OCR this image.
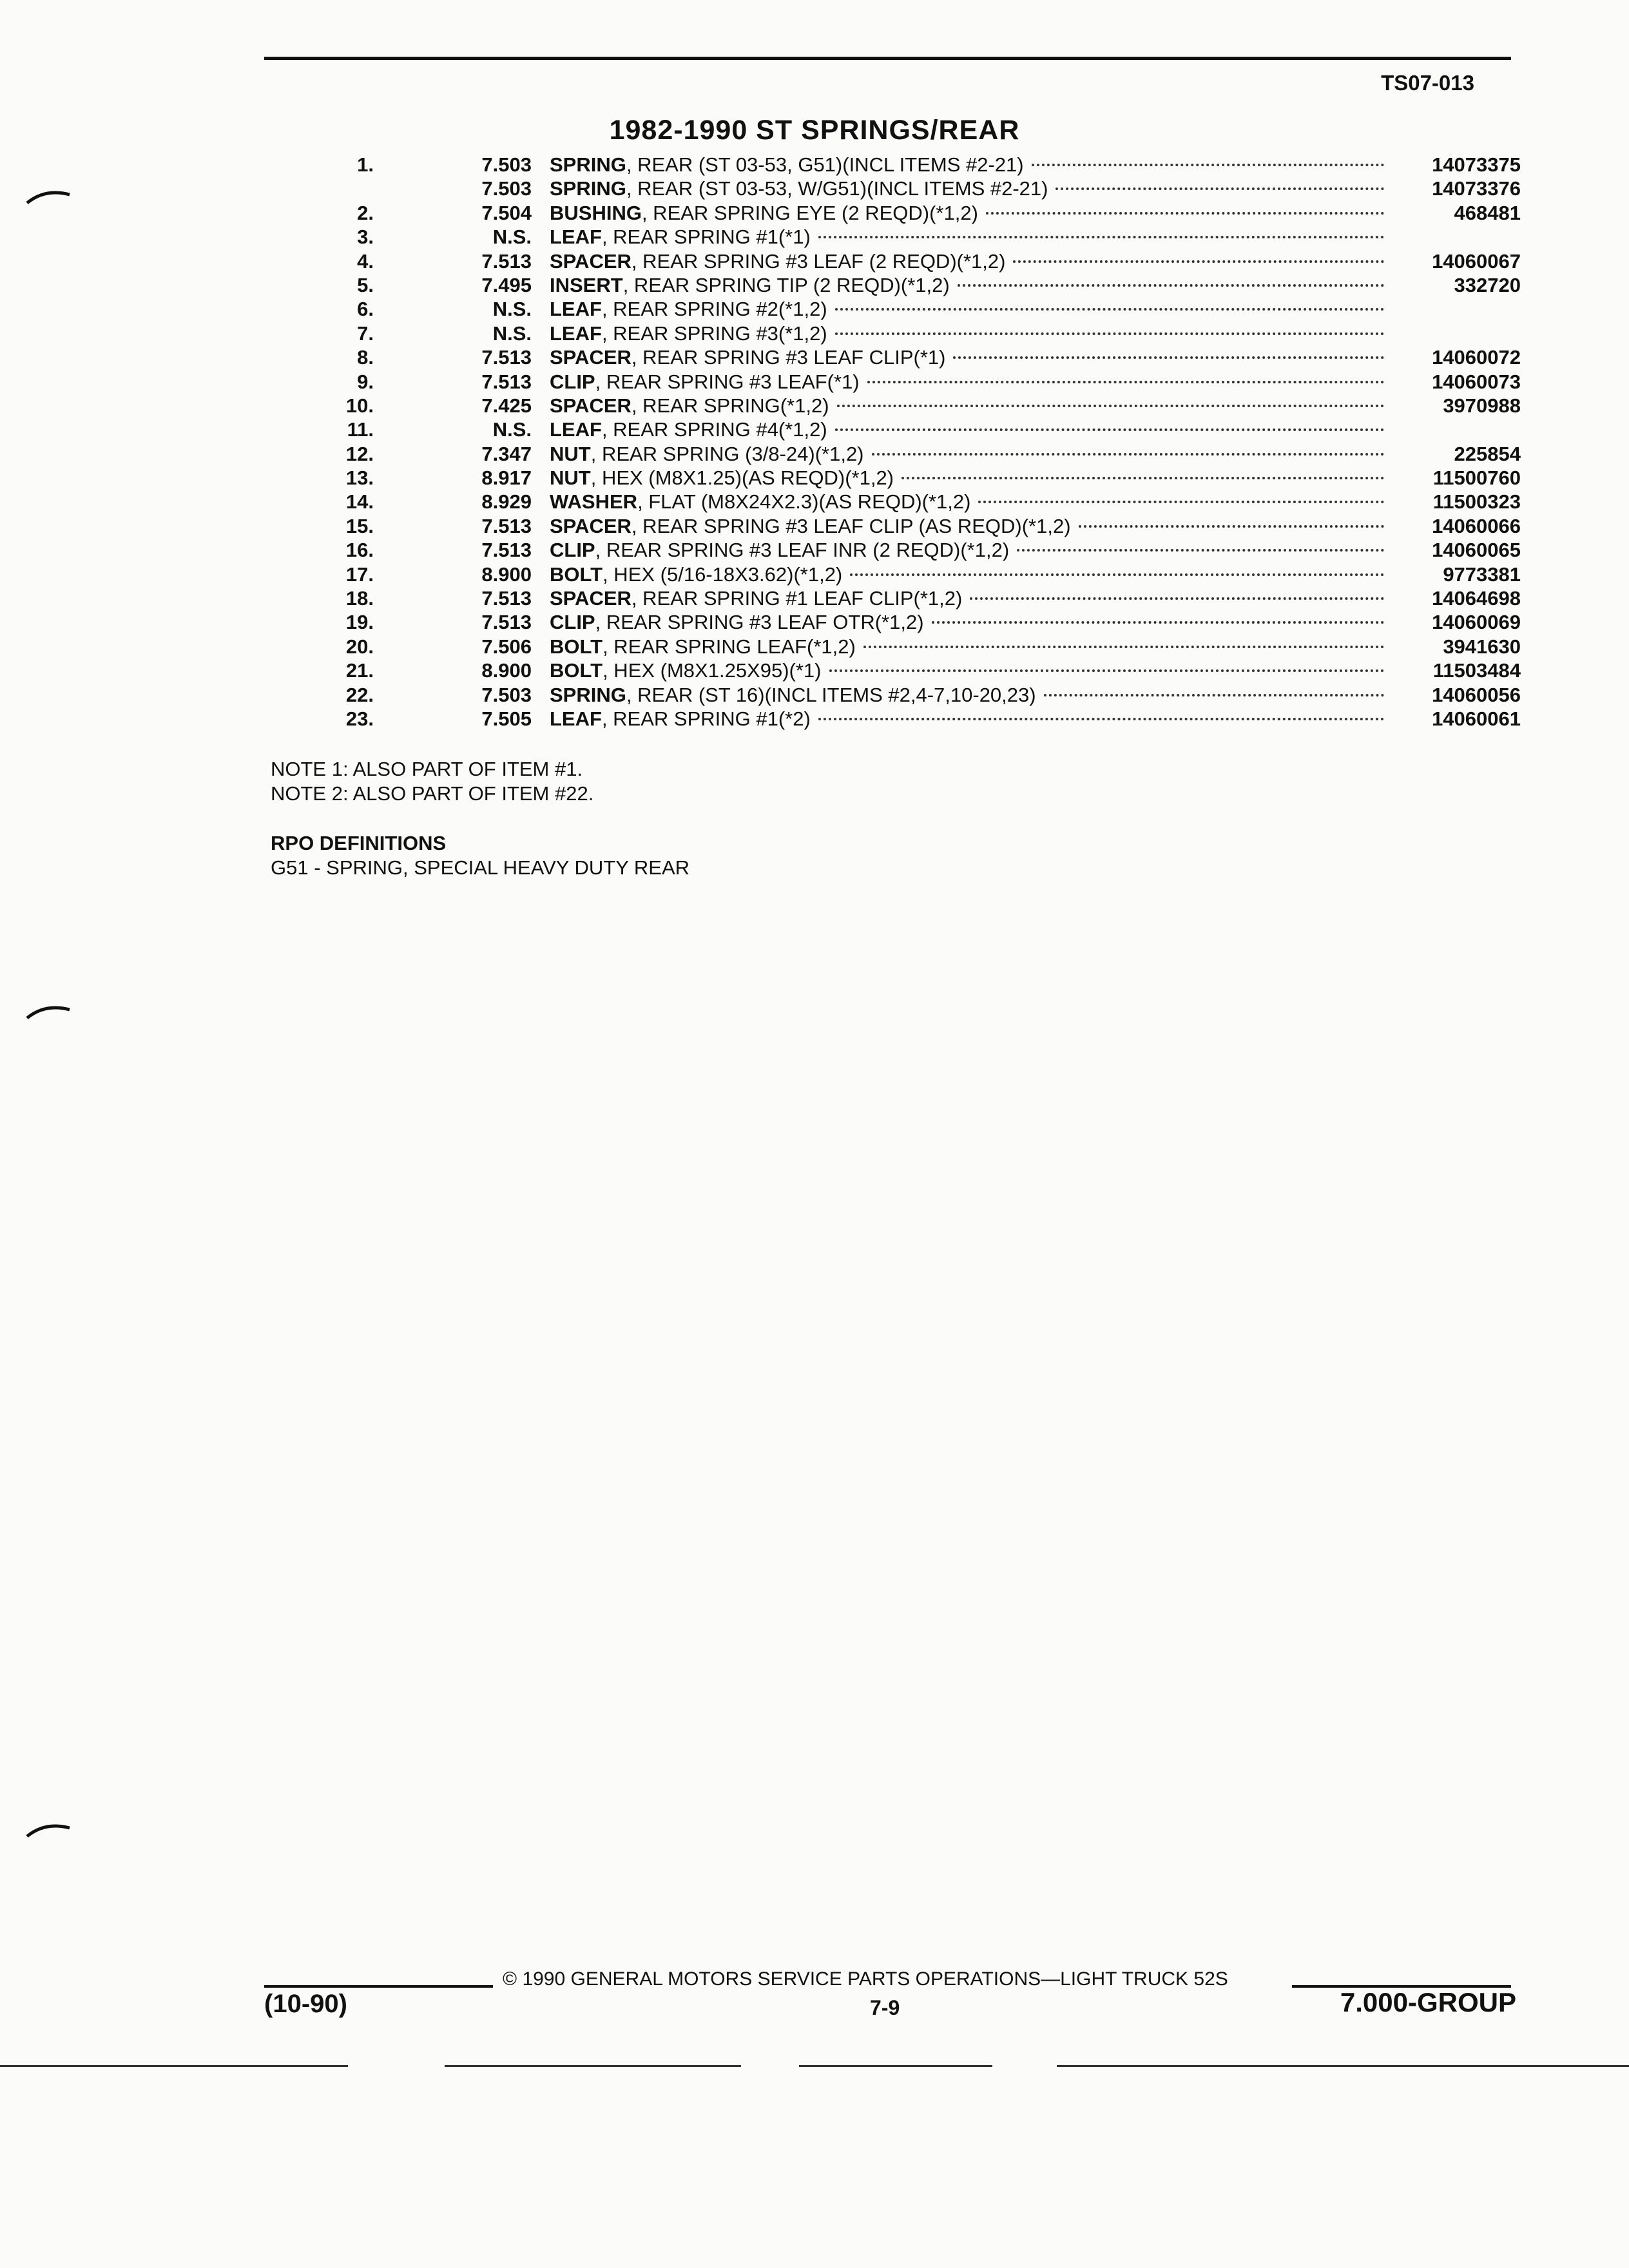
TS07-013
1982-1990 ST SPRINGS/REAR
1.	7.503 SPRING , REAR (ST 03-53, G51)(INCL ITEMS #2-21)	14073375
7.503 SPRING , REAR (ST 03-53, W/G51)(INCL ITEMS #2-21)	14073376
2.	7.504 BUSHING , REAR SPRING EYE (2 REQD)(*1,2)	468481
3.	N.S. LEAF , REAR SPRING #1(*1)
4.	7.513 SPACER , REAR SPRING #3 LEAF (2 REQD)(*1,2)	14060067
5.	7.495 INSERT , REAR SPRING TIP (2 REQD)(*1,2)	332720
6.	N.S. LEAF , REAR SPRING #2(*1,2)
7.	N.S. LEAF , REAR SPRING #3(*1,2)
8.	7.513 SPACER , REAR SPRING #3 LEAF CLIP(*1)	14060072
9.	7.513 CLIP , REAR SPRING #3 LEAF(*1)	14060073
10.	7.425 SPACER , REAR SPRING(*1,2)	3970988
11.	N.S. LEAF , REAR SPRING #4(*1,2)
12.	7.347 NUT , REAR SPRING (3/8-24)(*1,2)	225854
13.	8.917 NUT , HEX (M8X1.25)(AS REQD)(*1,2)	11500760
14.	8.929 WASHER , FLAT (M8X24X2.3)(AS REQD)(*1,2)	11500323
15.	7.513 SPACER , REAR SPRING #3 LEAF CLIP (AS REQD)(*1,2)	14060066
16.	7.513 CLIP , REAR SPRING #3 LEAF INR (2 REQD)(*1,2)	14060065
17.	8.900 BOLT , HEX (5/16-18X3.62)(*1,2)	9773381
18.	7.513 SPACER , REAR SPRING #1 LEAF CLIP(*1,2)	14064698
19.	7.513 CLIP , REAR SPRING #3 LEAF OTR(*1,2)	14060069
20.	7.506 BOLT , REAR SPRING LEAF(*1,2)	3941630
21.	8.900 BOLT , HEX (M8X1.25X95)(*1)	11503484
22.	7.503 SPRING , REAR (ST 16)(INCL ITEMS #2,4-7,10-20,23)	14060056
23.	7.505 LEAF , REAR SPRING #1(*2)	14060061
NOTE 1: ALSO PART OF ITEM #1.
NOTE 2: ALSO PART OF ITEM #22.
RPO DEFINITIONS
G51 - SPRING, SPECIAL HEAVY DUTY REAR
© 1990 GENERAL MOTORS SERVICE PARTS OPERATIONS—LIGHT TRUCK 52S
(10-90)	7-9	7.000-GROUP
